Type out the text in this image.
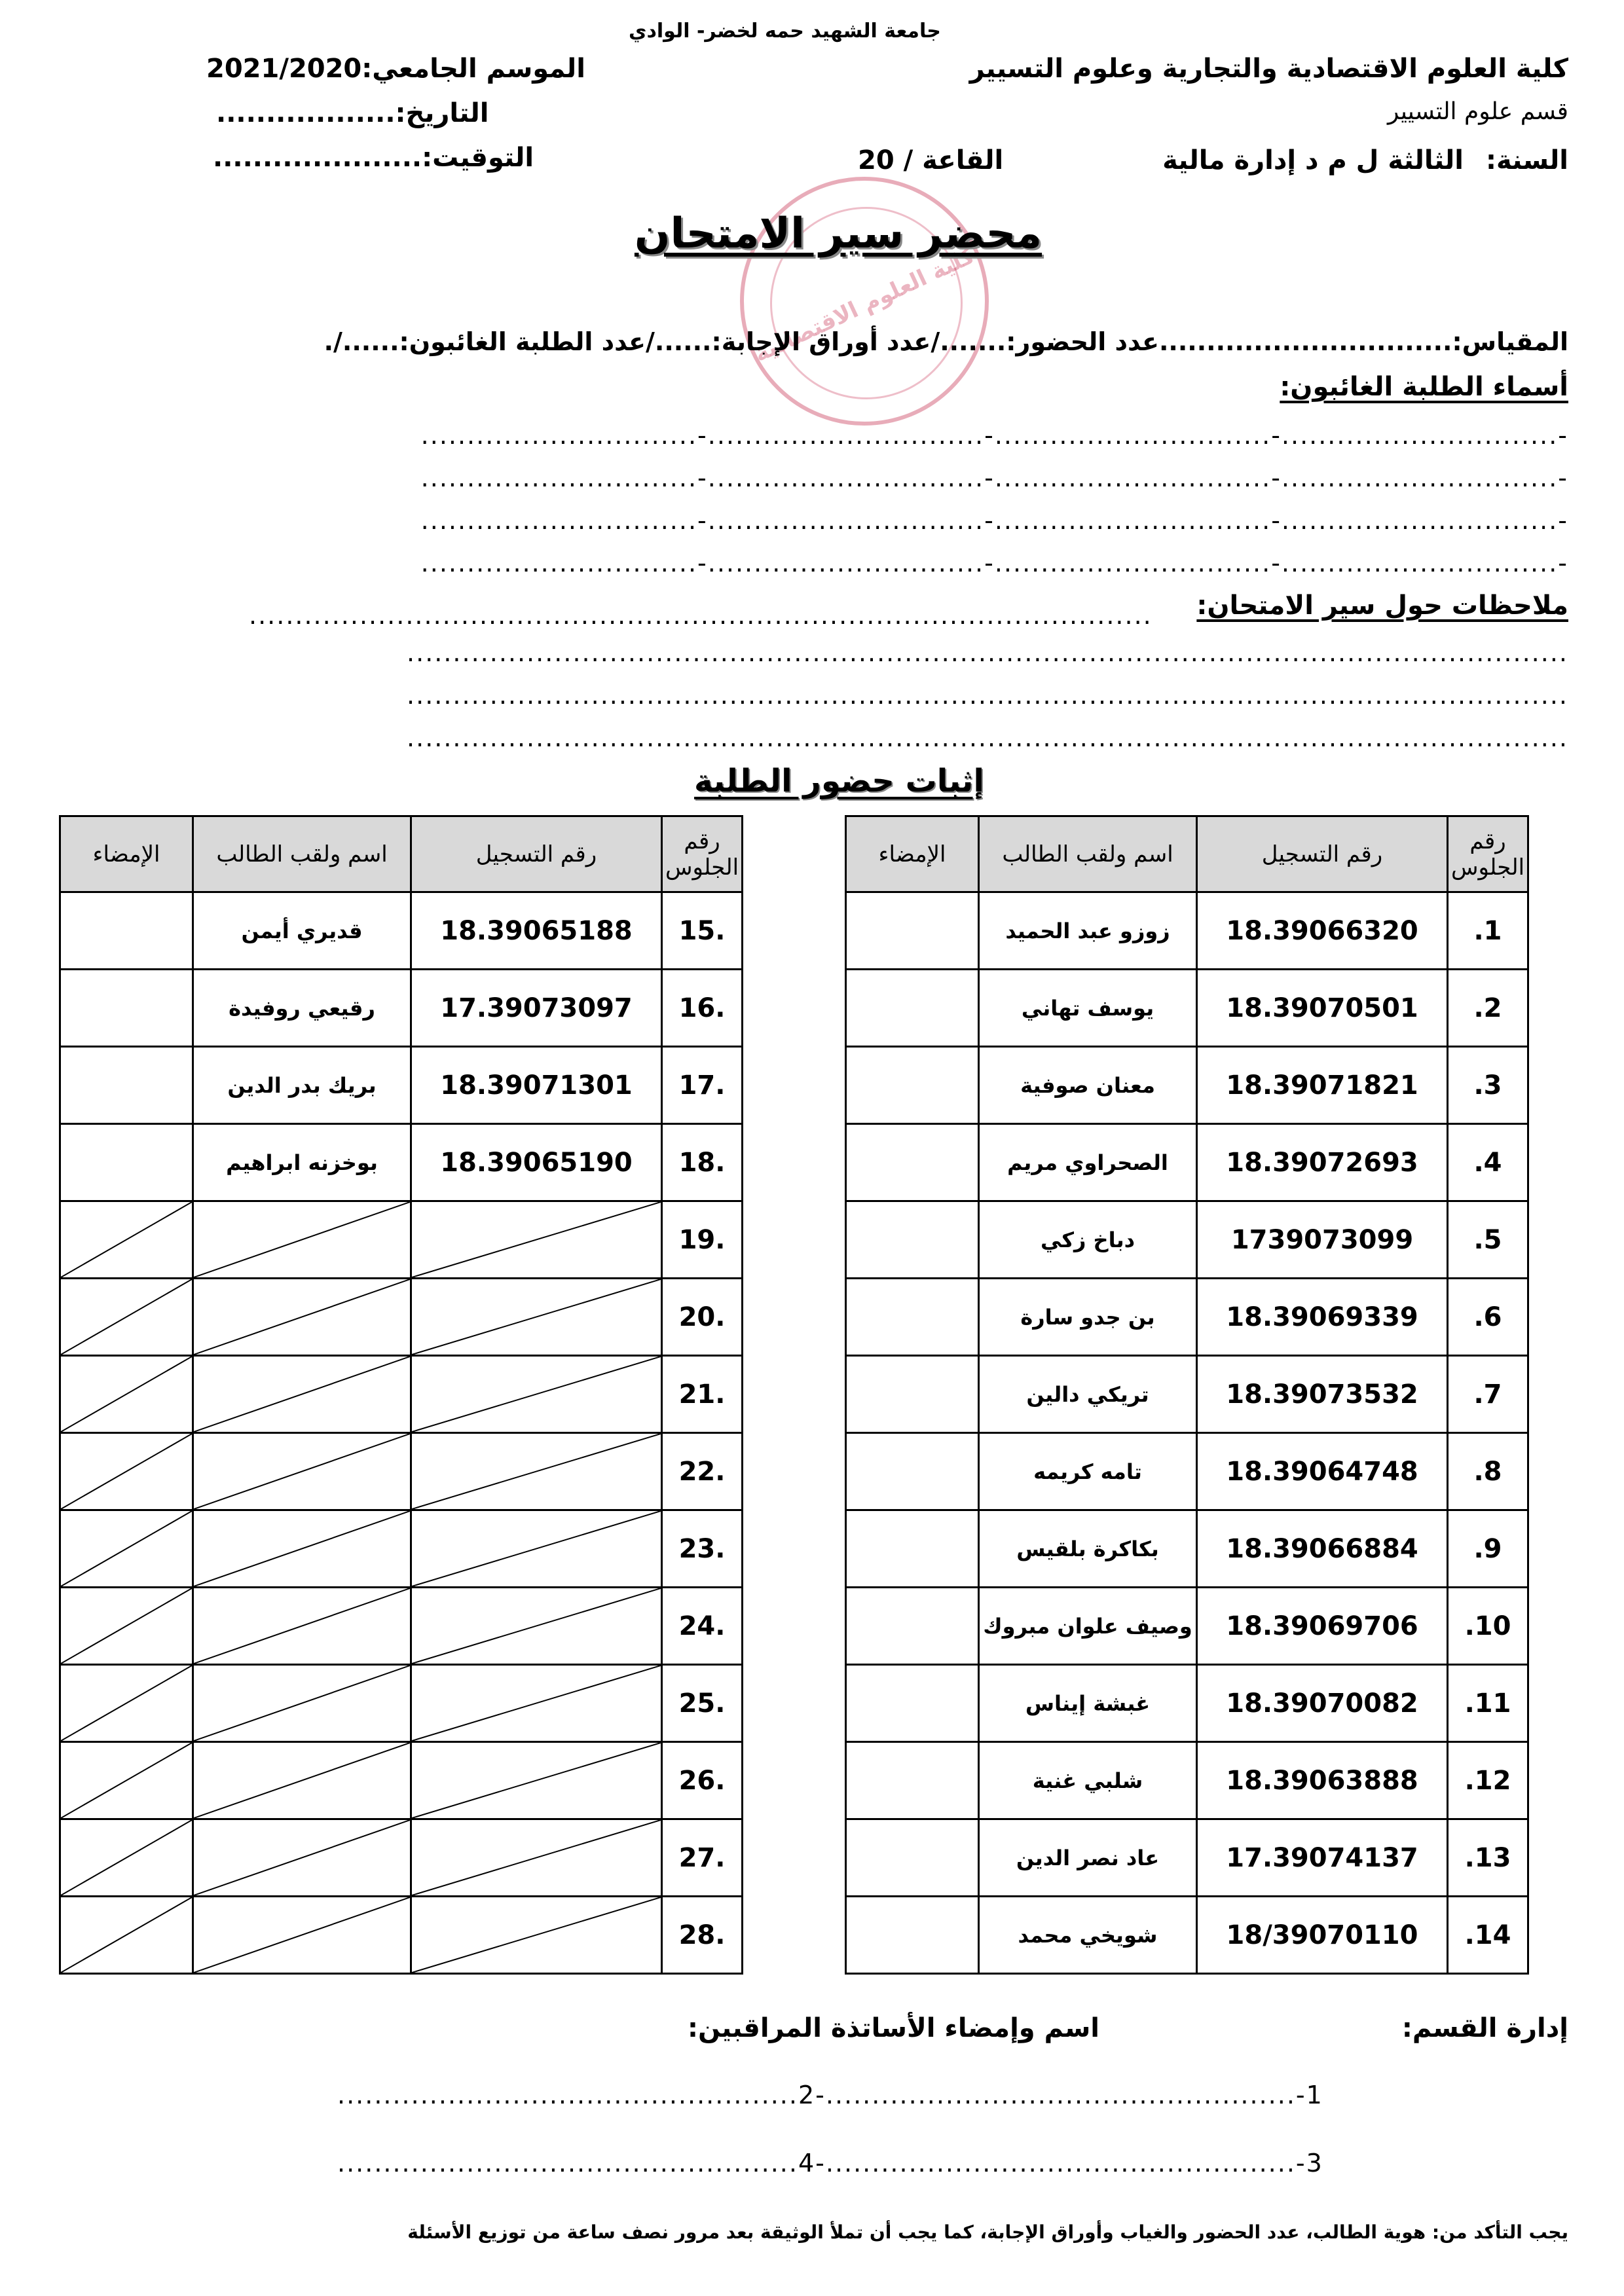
جامعة الشهيد حمه لخضر- الوادي
كلية العلوم الاقتصادية والتجارية وعلوم التسيير
قسم علوم التسيير
السنة:
الثالثة ل م د إدارة مالية
القاعة / 20
الموسم الجامعي:2021/2020
التاريخ:..................
التوقيت:.....................
كلية العلوم الاقتصادية
محضر سير الامتحان
المقياس:...............................عدد الحضور:......./عدد أوراق الإجابة:....../عدد الطلبة الغائبون:....../.
أسماء الطلبة الغائبون:
-..............................-..............................-..............................-..............................
-..............................-..............................-..............................-..............................
-..............................-..............................-..............................-..............................
-..............................-..............................-..............................-..............................
ملاحظات حول سير الامتحان:
..................................................................................................
..............................................................................................................................
..............................................................................................................................
..............................................................................................................................
إثبات حضور الطلبة
رقم الجلوس	رقم التسجيل	اسم ولقب الطالب	الإمضاء
1.	18.39066320	زوزو عبد الحميد	
2.	18.39070501	يوسف تهاني	
3.	18.39071821	معنان صوفية	
4.	18.39072693	الصحراوي مريم	
5.	1739073099	دباخ زكي	
6.	18.39069339	بن جدو سارة	
7.	18.39073532	تريكي دالين	
8.	18.39064748	تامه كريمه	
9.	18.39066884	بكاكرة بلقيس	
10.	18.39069706	وصيف علوان مبروك	
11.	18.39070082	غبشة إيناس	
12.	18.39063888	شلبي غنية	
13.	17.39074137	عاد نصر الدين	
14.	18/39070110	شويخي محمد	
رقم الجلوس	رقم التسجيل	اسم ولقب الطالب	الإمضاء
.15	18.39065188	قديري أيمن	
.16	17.39073097	رقيعي روفيدة	
.17	18.39071301	بريك بدر الدين	
.18	18.39065190	بوخزنه ابراهيم	
.19	

.20	

.21	

.22	

.23	

.24	

.25	

.26	

.27	

.28	

إدارة القسم:
اسم وإمضاء الأساتذة المراقبين:
1-...................................................-2..................................................
3-...................................................-4..................................................
يجب التأكد من: هوية الطالب، عدد الحضور والغياب وأوراق الإجابة، كما يجب أن تملأ الوثيقة بعد مرور نصف ساعة من توزيع الأسئلة
